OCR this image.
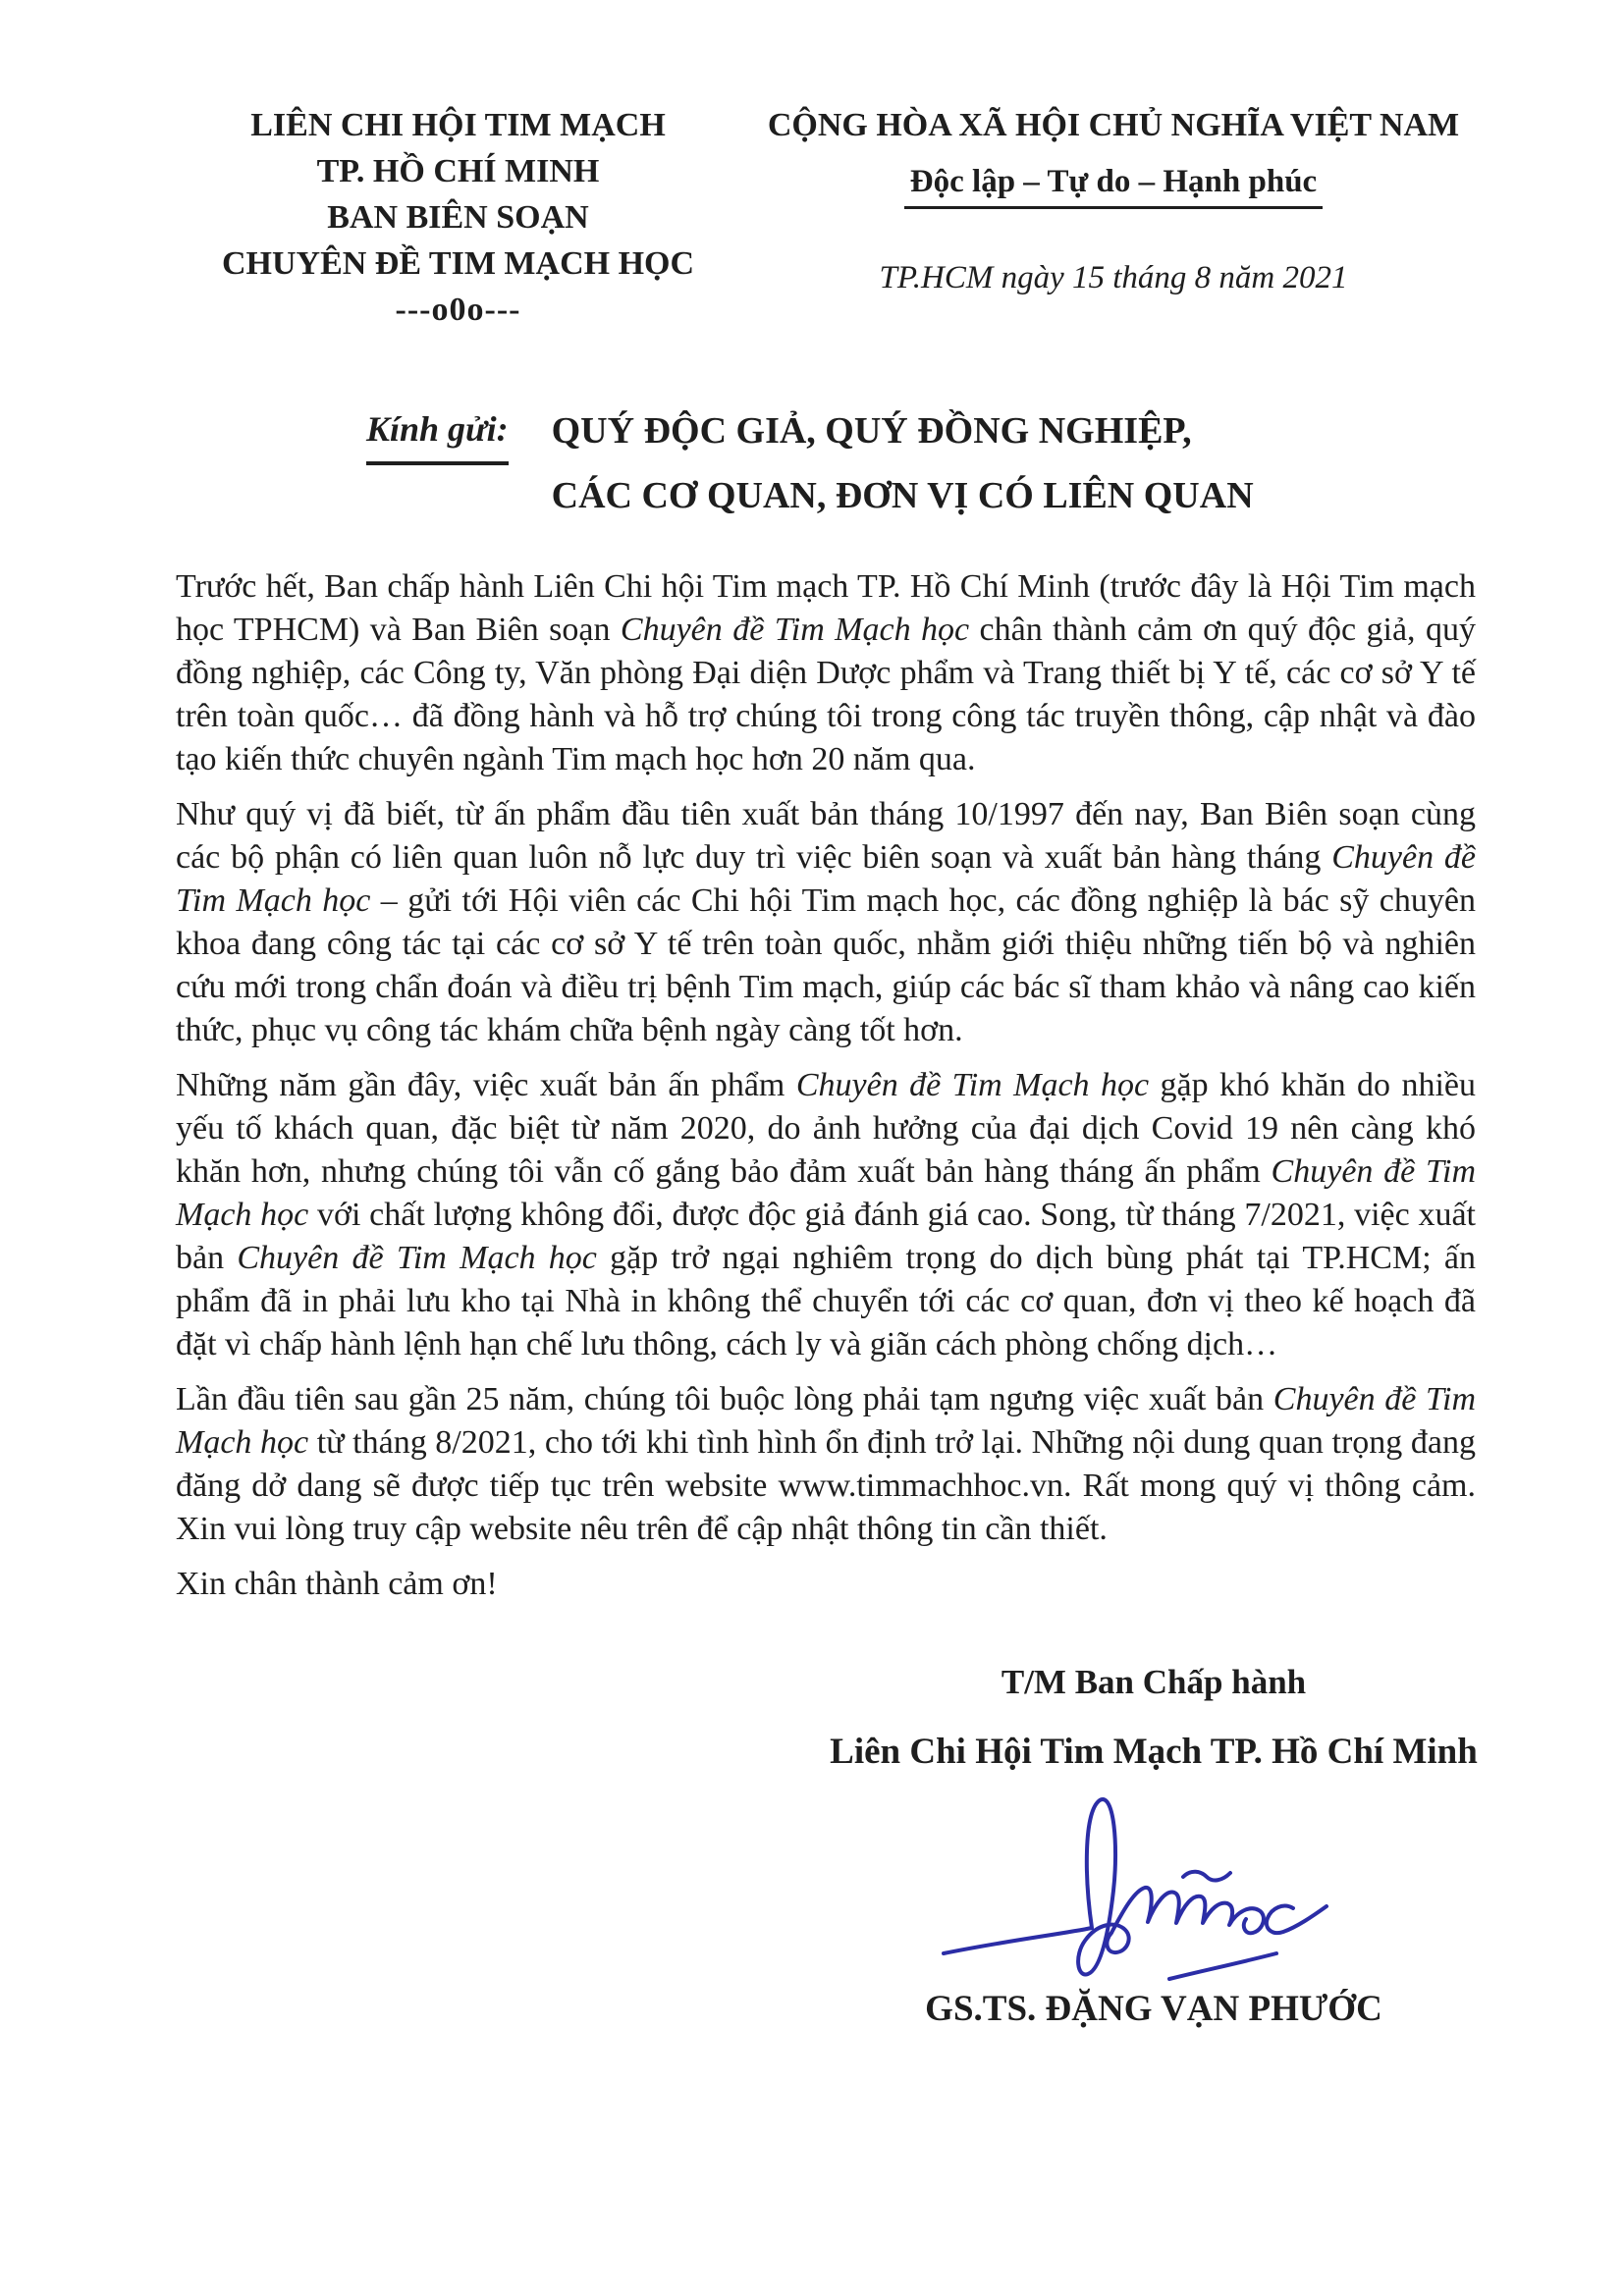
LIÊN CHI HỘI TIM MẠCH
TP. HỒ CHÍ MINH
BAN BIÊN SOẠN
CHUYÊN ĐỀ TIM MẠCH HỌC
---o0o---
CỘNG HÒA XÃ HỘI CHỦ NGHĨA VIỆT NAM
Độc lập – Tự do – Hạnh phúc
TP.HCM ngày 15 tháng 8 năm 2021
Kính gửi: QUÝ ĐỘC GIẢ, QUÝ ĐỒNG NGHIỆP,
CÁC CƠ QUAN, ĐƠN VỊ CÓ LIÊN QUAN

Trước hết, Ban chấp hành Liên Chi hội Tim mạch TP. Hồ Chí Minh (trước đây là Hội Tim mạch học TPHCM) và Ban Biên soạn Chuyên đề Tim Mạch học chân thành cảm ơn quý độc giả, quý đồng nghiệp, các Công ty, Văn phòng Đại diện Dược phẩm và Trang thiết bị Y tế, các cơ sở Y tế trên toàn quốc… đã đồng hành và hỗ trợ chúng tôi trong công tác truyền thông, cập nhật và đào tạo kiến thức chuyên ngành Tim mạch học hơn 20 năm qua.

Như quý vị đã biết, từ ấn phẩm đầu tiên xuất bản tháng 10/1997 đến nay, Ban Biên soạn cùng các bộ phận có liên quan luôn nỗ lực duy trì việc biên soạn và xuất bản hàng tháng Chuyên đề Tim Mạch học – gửi tới Hội viên các Chi hội Tim mạch học, các đồng nghiệp là bác sỹ chuyên khoa đang công tác tại các cơ sở Y tế trên toàn quốc, nhằm giới thiệu những tiến bộ và nghiên cứu mới trong chẩn đoán và điều trị bệnh Tim mạch, giúp các bác sĩ tham khảo và nâng cao kiến thức, phục vụ công tác khám chữa bệnh ngày càng tốt hơn.

Những năm gần đây, việc xuất bản ấn phẩm Chuyên đề Tim Mạch học gặp khó khăn do nhiều yếu tố khách quan, đặc biệt từ năm 2020, do ảnh hưởng của đại dịch Covid 19 nên càng khó khăn hơn, nhưng chúng tôi vẫn cố gắng bảo đảm xuất bản hàng tháng ấn phẩm Chuyên đề Tim Mạch học với chất lượng không đổi, được độc giả đánh giá cao. Song, từ tháng 7/2021, việc xuất bản Chuyên đề Tim Mạch học gặp trở ngại nghiêm trọng do dịch bùng phát tại TP.HCM; ấn phẩm đã in phải lưu kho tại Nhà in không thể chuyển tới các cơ quan, đơn vị theo kế hoạch đã đặt vì chấp hành lệnh hạn chế lưu thông, cách ly và giãn cách phòng chống dịch…

Lần đầu tiên sau gần 25 năm, chúng tôi buộc lòng phải tạm ngưng việc xuất bản Chuyên đề Tim Mạch học từ tháng 8/2021, cho tới khi tình hình ổn định trở lại. Những nội dung quan trọng đang đăng dở dang sẽ được tiếp tục trên website www.timmachhoc.vn. Rất mong quý vị thông cảm. Xin vui lòng truy cập website nêu trên để cập nhật thông tin cần thiết.

Xin chân thành cảm ơn!

T/M Ban Chấp hành
Liên Chi Hội Tim Mạch TP. Hồ Chí Minh
GS.TS. ĐẶNG VẠN PHƯỚC
